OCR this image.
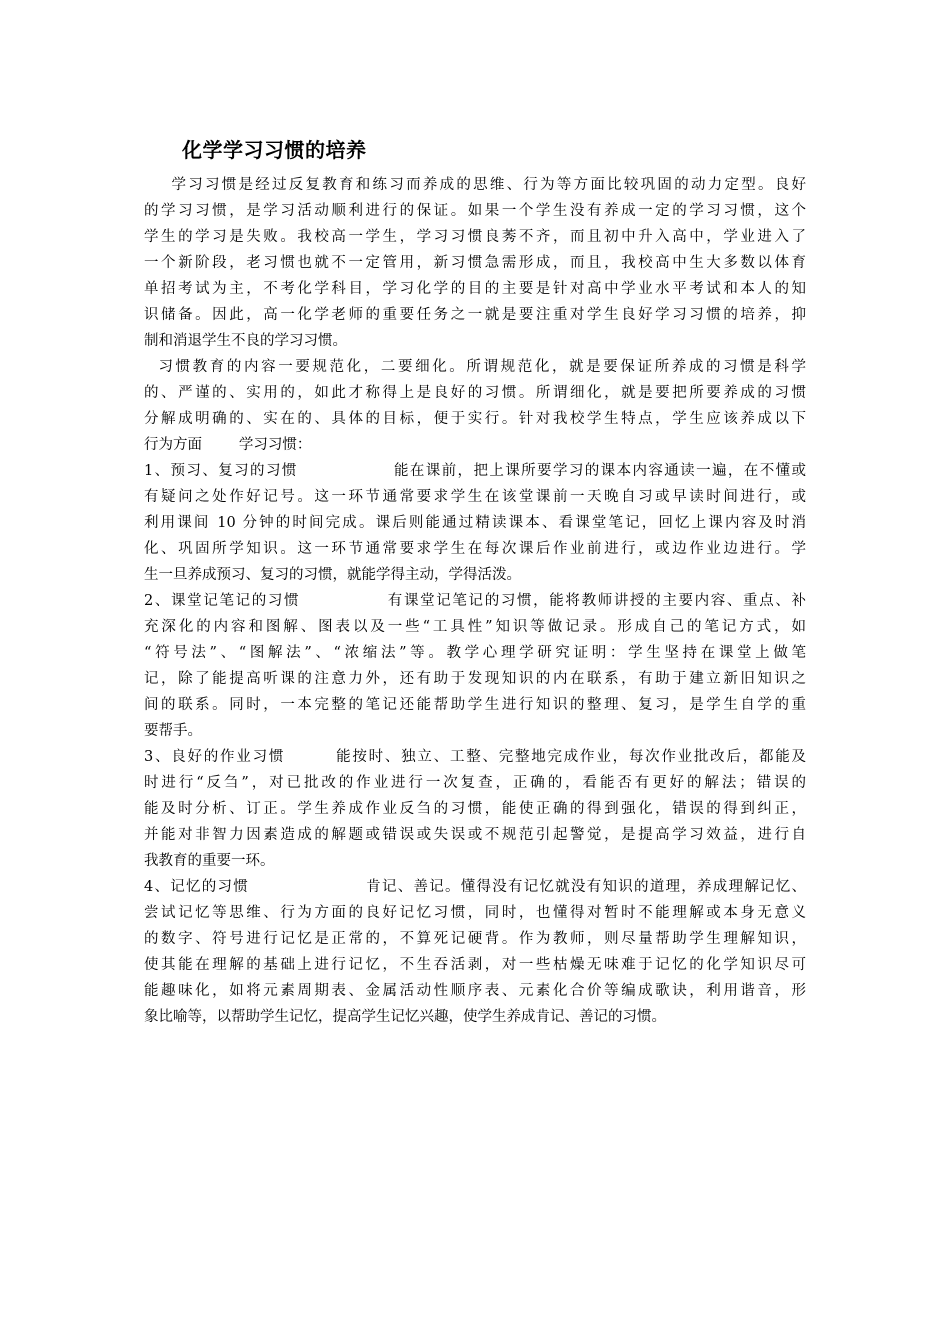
化学学习习惯的培养
学习习惯是经过反复教育和练习而养成的思维、行为等方面比较巩固的动力定型。良好
的学习习惯，是学习活动顺利进行的保证。如果一个学生没有养成一定的学习习惯，这个
学生的学习是失败。我校高一学生，学习习惯良莠不齐，而且初中升入高中，学业进入了
一个新阶段，老习惯也就不一定管用，新习惯急需形成，而且，我校高中生大多数以体育
单招考试为主，不考化学科目，学习化学的目的主要是针对高中学业水平考试和本人的知
识储备。因此，高一化学老师的重要任务之一就是要注重对学生良好学习习惯的培养，抑
制和消退学生不良的学习习惯。
习惯教育的内容一要规范化，二要细化。所谓规范化，就是要保证所养成的习惯是科学
的、严谨的、实用的，如此才称得上是良好的习惯。所谓细化，就是要把所要养成的习惯
分解成明确的、实在的、具体的目标，便于实行。针对我校学生特点，学生应该养成以下
行为方面        学习习惯：
1、预习、复习的习惯                能在课前，把上课所要学习的课本内容通读一遍，在不懂或
有疑问之处作好记号。这一环节通常要求学生在该堂课前一天晚自习或早读时间进行，或
利用课间 10 分钟的时间完成。课后则能通过精读课本、看课堂笔记，回忆上课内容及时消
化、巩固所学知识。这一环节通常要求学生在每次课后作业前进行，或边作业边进行。学
生一旦养成预习、复习的习惯，就能学得主动，学得活泼。
2、课堂记笔记的习惯              有课堂记笔记的习惯，能将教师讲授的主要内容、重点、补
充深化的内容和图解、图表以及一些“工具性”知识等做记录。形成自己的笔记方式，如
“符号法”、“图解法”、“浓缩法”等。教学心理学研究证明：学生坚持在课堂上做笔
记，除了能提高听课的注意力外，还有助于发现知识的内在联系，有助于建立新旧知识之
间的联系。同时，一本完整的笔记还能帮助学生进行知识的整理、复习，是学生自学的重
要帮手。
3、良好的作业习惯        能按时、独立、工整、完整地完成作业，每次作业批改后，都能及
时进行“反刍”，对已批改的作业进行一次复查，正确的，看能否有更好的解法；错误的
能及时分析、订正。学生养成作业反刍的习惯，能使正确的得到强化，错误的得到纠正，
并能对非智力因素造成的解题或错误或失误或不规范引起警觉，是提高学习效益，进行自
我教育的重要一环。
4、记忆的习惯                    肯记、善记。懂得没有记忆就没有知识的道理，养成理解记忆、
尝试记忆等思维、行为方面的良好记忆习惯，同时，也懂得对暂时不能理解或本身无意义
的数字、符号进行记忆是正常的，不算死记硬背。作为教师，则尽量帮助学生理解知识，
使其能在理解的基础上进行记忆，不生吞活剥，对一些枯燥无味难于记忆的化学知识尽可
能趣味化，如将元素周期表、金属活动性顺序表、元素化合价等编成歌诀，利用谐音，形
象比喻等，以帮助学生记忆，提高学生记忆兴趣，使学生养成肯记、善记的习惯。
